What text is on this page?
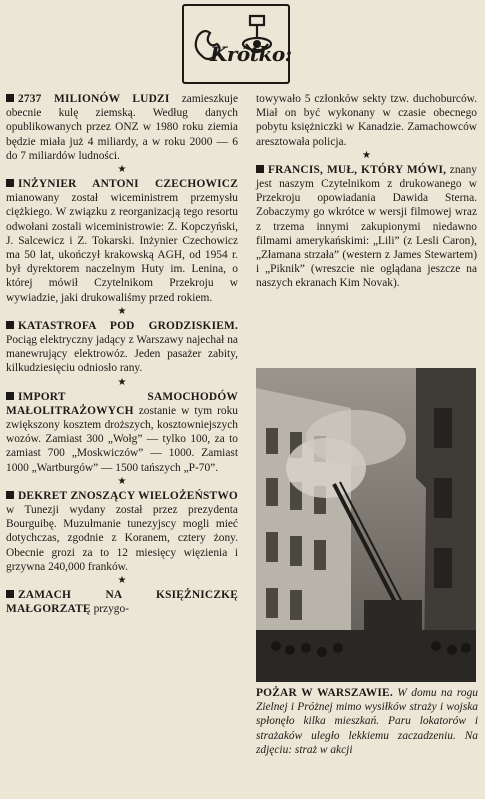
Krótko:

2737 MILIONÓW LUDZI zamieszkuje obecnie kulę ziemską. Według danych opublikowanych przez ONZ w 1980 roku ziemia będzie miała już 4 miliardy, a w roku 2000 — 6 do 7 miliardów ludności.

★

INŻYNIER ANTONI CZECHOWICZ mianowany został wiceministrem przemysłu ciężkiego. W związku z reorganizacją tego resortu odwołani zostali wiceministrowie: Z. Kopczyński, J. Salcewicz i Z. Tokarski. Inżynier Czechowicz ma 50 lat, ukończył krakowską AGH, od 1954 r. był dyrektorem naczelnym Huty im. Lenina, o której mówił Czytelnikom Przekroju w wywiadzie, jaki drukowaliśmy przed rokiem.

★

KATASTROFA POD GRODZISKIEM. Pociąg elektryczny jadący z Warszawy najechał na manewrujący elektrowóz. Jeden pasażer zabity, kilkudziesięciu odniosło rany.

★

IMPORT SAMOCHODÓW MAŁOLITRAŻOWYCH zostanie w tym roku zwiększony kosztem droższych, kosztowniejszych wozów. Zamiast 300 „Wołg” — tylko 100, za to zamiast 700 „Moskwiczów” — 1000. Zamiast 1000 „Wartburgów” — 1500 tańszych „P-70”.

★

DEKRET ZNOSZĄCY WIELOŻEŃSTWO w Tunezji wydany został przez prezydenta Bourguibę. Muzułmanie tunezyjscy mogli mieć dotychczas, zgodnie z Koranem, cztery żony. Obecnie grozi za to 12 miesięcy więzienia i grzywna 240,000 franków.

★

ZAMACH NA KSIĘŻNICZKĘ MAŁGORZATĘ przygo-

towywało 5 członków sekty tzw. duchoburców. Miał on być wykonany w czasie obecnego pobytu księżniczki w Kanadzie. Zamachowców aresztowała policja.

★

FRANCIS, MUŁ, KTÓRY MÓWI, znany jest naszym Czytelnikom z drukowanego w Przekroju opowiadania Dawida Sterna. Zobaczymy go wkrótce w wersji filmowej wraz z trzema innymi zakupionymi niedawno filmami amerykańskimi: „Lili” (z Lesli Caron), „Złamana strzała” (western z James Stewartem) i „Piknik” (wreszcie nie oglądana jeszcze na naszych ekranach Kim Novak).

POŻAR W WARSZAWIE. W domu na rogu Zielnej i Próżnej mimo wysiłków straży i wojska spłonęło kilka mieszkań. Paru lokatorów i strażaków uległo lekkiemu zaczadzeniu. Na zdjęciu: straż w akcji
